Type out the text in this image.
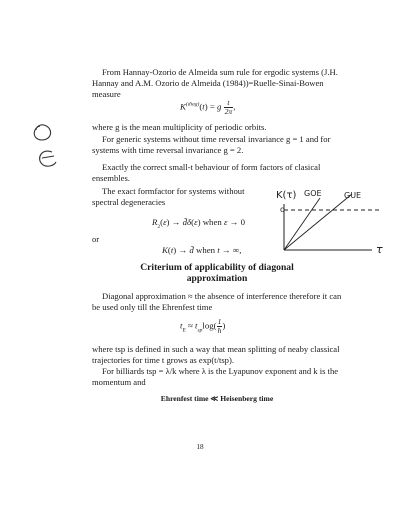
From Hannay-Ozorio de Almeida sum rule for ergodic systems (J.H. Hannay and A.M. Ozorio de Almeida (1984))=Ruelle-Sinai-Bowen measure
$K^{(diag)}(t) = g \frac{t}{2\pi}$ ,
where g is the mean multiplicity of periodic orbits.
For generic systems without time reversal invariance g = 1 and for systems with time reversal invariance g = 2.
Exactly the correct small-t behaviour of form factors of clasical ensembles.
The exact formfactor for systems without spectral degeneracies
$R_2(\varepsilon)$ → d̄δ(ε) when ε → 0
or
K(t) → d̄ when t → ∞,
K(τ)
d
GOE	GUE
τ
Criterium of applicability of diagonal
approximation
Diagonal approximation ≈ the absence of interference therefore it can be used only till the Ehrenfest time
$t_E \approx t_{sp}\log( \frac{1}{ħ}$ )
where tsp is defined in such a way that mean splitting of neaby classical trajectories for time t grows as exp(t/tsp).
For billiards tsp = λ/k where λ is the Lyapunov exponent and k is the momentum and
Ehrenfest time ≪ Heisenberg time
18
